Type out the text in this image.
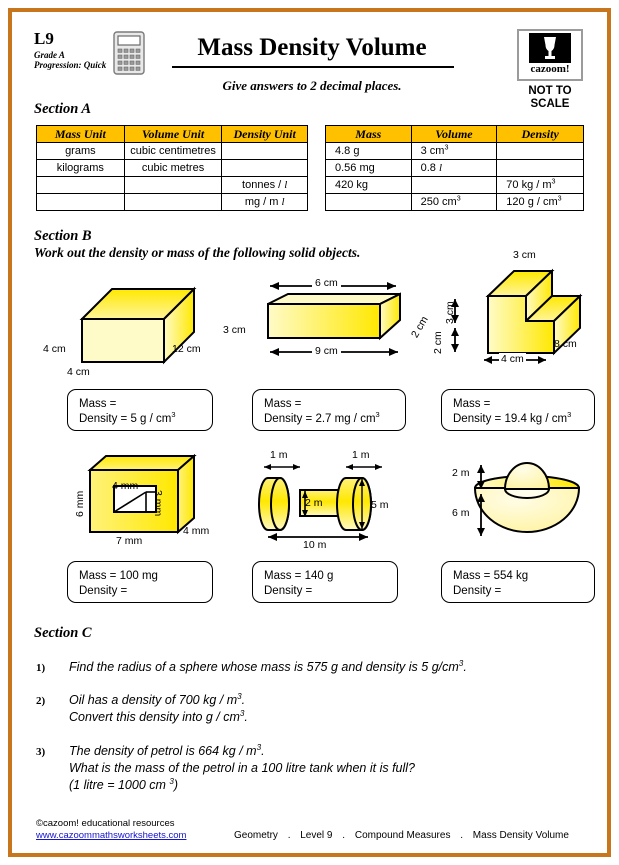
L9
Grade A
Progression: Quick
Mass Density Volume
Give answers to 2 decimal places.
cazoom!
NOT TO
SCALE
Section A
Mass Unit	Volume Unit	Density Unit
grams	cubic centimetres	
kilograms	cubic metres	
		tonnes / l
		mg / m l
Mass	Volume	Density
4.8 g	3 $cm^3$	
0.56 mg	0.8 l	
420 kg		70 kg / $m^3$
	250 $cm^3$	120 g / $cm^3$
Section B
Work out the density or mass of the following solid objects.
4 cm	12 cm
4 cm
6 cm
3 cm
9 cm
2 cm
3 cm
3 cm
2 cm	8 cm
4 cm
Mass =
Density = 5 g / $cm^3$
Mass =
Density = 2.7 mg / $cm^3$
Mass =
Density = 19.4 kg / $cm^3$
6 mm
4 mm
3 mm
7 mm
4 mm
1 m	1 m
2 m	5 m
10 m
2 m
6 m
Mass = 100 mg
Density =
Mass = 140 g
Density =
Mass = 554 kg
Density =
Section C
1) Find the radius of a sphere whose mass is 575 g and density is 5 $g/cm^3$.
2) Oil has a density of 700 kg / $m^3$.
Convert this density into g / $cm^3$.
3) The density of petrol is 664 kg / $m^3$.
What is the mass of the petrol in a 100 litre tank when it is full?
(1 litre = 1000 cm $^3$)
©cazoom! educational resources
www.cazoommathsworksheets.com	Geometry . Level 9 . Compound Measures . Mass Density Volume
